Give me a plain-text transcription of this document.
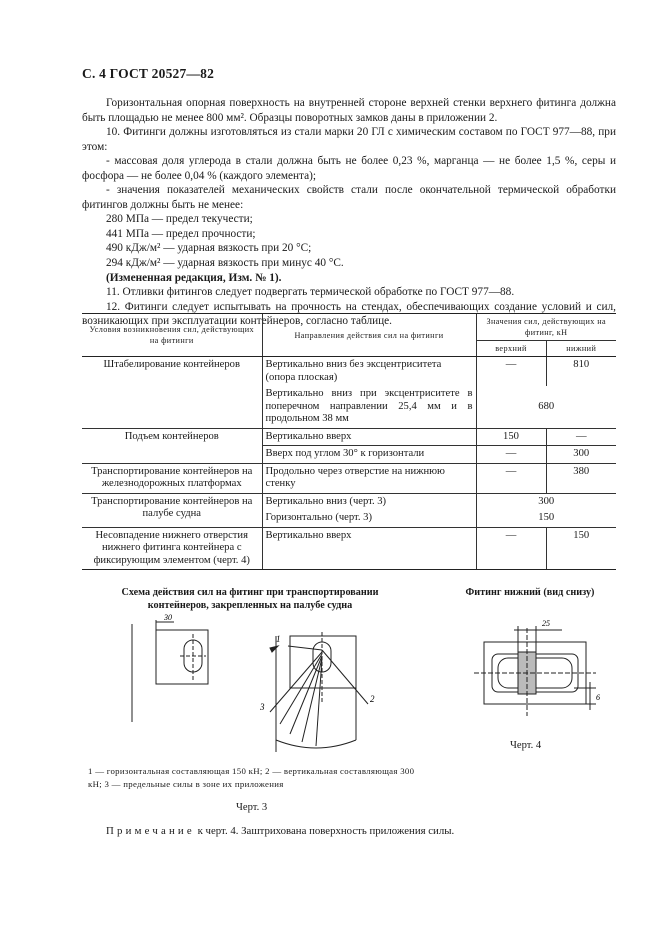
С. 4 ГОСТ 20527—82

Горизонтальная опорная поверхность на внутренней стороне верхней стенки верхнего фитинга должна быть площадью не менее 800 мм². Образцы поворотных замков даны в приложении 2.

10. Фитинги должны изготовляться из стали марки 20 ГЛ с химическим составом по ГОСТ 977—88, при этом:

- массовая доля углерода в стали должна быть не более 0,23 %, марганца — не более 1,5 %, серы и фосфора — не более 0,04 % (каждого элемента);

- значения показателей механических свойств стали после окончательной термической обработки фитингов должны быть не менее:

280 МПа — предел текучести;

441 МПа — предел прочности;

490 кДж/м² — ударная вязкость при 20 °С;

294 кДж/м² — ударная вязкость при минус 40 °С.

(Измененная редакция, Изм. № 1).

11. Отливки фитингов следует подвергать термической обработке по ГОСТ 977—88.

12. Фитинги следует испытывать на прочность на стендах, обеспечивающих создание условий и сил, возникающих при эксплуатации контейнеров, согласно таблице.

Условия возникновения сил, действующих на фитинги	Направления действия сил на фитинги	Значения сил, действующих на фитинг, кН	
		верхний	нижний
Штабелирование контейнеров	Вертикально вниз без эксцентриситета (опора плоская)	—	810
	Вертикально вниз при эксцентриситете в поперечном направлении 25,4 мм и в продольном 38 мм	680	
Подъем контейнеров	Вертикально вверх	150	—
	Вверх под углом 30° к горизонтали	—	300
Транспортирование контейнеров на железнодорожных платформах	Продольно через отверстие на нижнюю стенку	—	380
Транспортирование контейнеров на палубе судна	Вертикально вниз (черт. 3)	300	
	Горизонтально (черт. 3)	150	
Несовпадение нижнего отверстия нижнего фитинга контейнера с фиксирующим элементом (черт. 4)	Вертикально вверх	—	150
Схема действия сил на фитинг при транспортировании контейнеров, закрепленных на палубе судна
Фитинг нижний (вид снизу)
30
1
2
3
25
6
Черт. 4
1 — горизонтальная составляющая 150 кН; 2 — вертикальная составляющая 300 кН; 3 — предельные силы в зоне их приложения
Черт. 3
Примечание к черт. 4. Заштрихована поверхность приложения силы.
